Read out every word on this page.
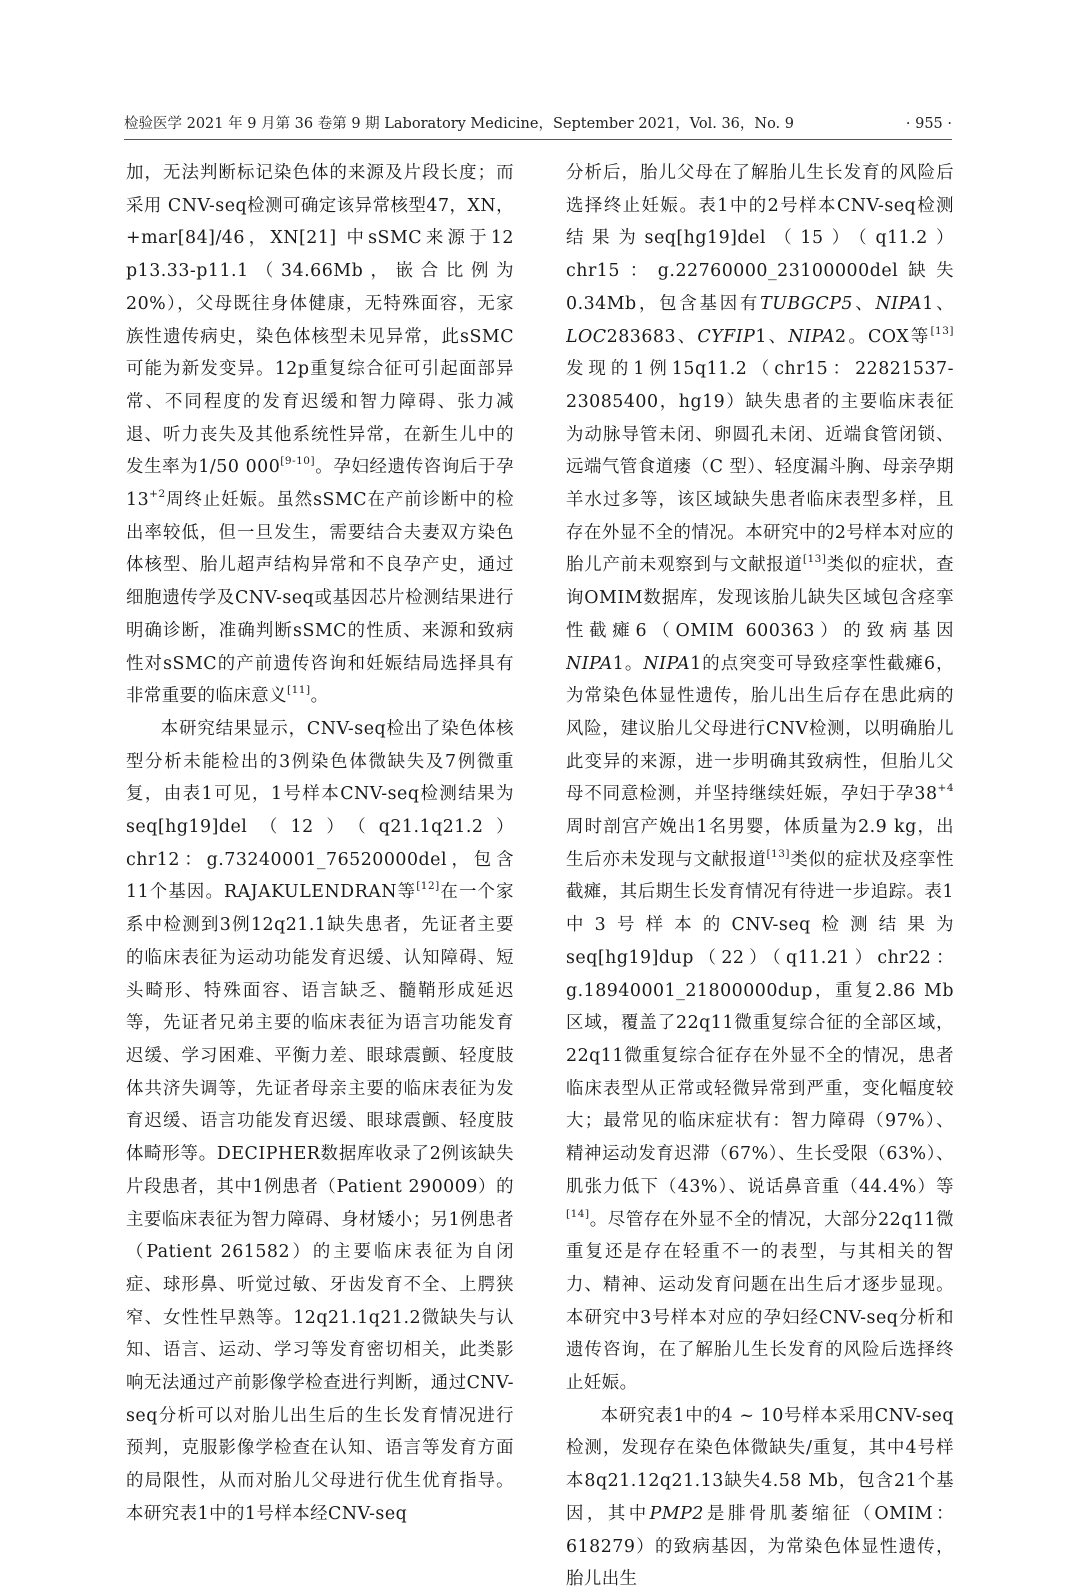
检验医学 2021 年 9 月第 36 卷第 9 期 Laboratory Medicine，September 2021，Vol. 36，No. 9	· 955 ·

加，无法判断标记染色体的来源及片段长度；而采用 CNV-seq检测可确定该异常核型47，XN，+mar[84]/46，XN[21] 中sSMC来源于12 p13.33-p11.1（34.66Mb，嵌合比例为20%），父母既往身体健康，无特殊面容，无家族性遗传病史，染色体核型未见异常，此sSMC可能为新发变异。12p重复综合征可引起面部异常、不同程度的发育迟缓和智力障碍、张力减退、听力丧失及其他系统性异常，在新生儿中的发生率为1/50 000[9-10]。孕妇经遗传咨询后于孕$13^{+2}$周终止妊娠。虽然sSMC在产前诊断中的检出率较低，但一旦发生，需要结合夫妻双方染色体核型、胎儿超声结构异常和不良孕产史，通过细胞遗传学及CNV-seq或基因芯片检测结果进行明确诊断，准确判断sSMC的性质、来源和致病性对sSMC的产前遗传咨询和妊娠结局选择具有非常重要的临床意义[11]。

本研究结果显示，CNV-seq检出了染色体核型分析未能检出的3例染色体微缺失及7例微重复，由表1可见，1号样本CNV-seq检测结果为seq[hg19]del（12）（q21.1q21.2） chr12：g.73240001_76520000del，包含11个基因。RAJAKULENDRAN等[12]在一个家系中检测到3例12q21.1缺失患者，先证者主要的临床表征为运动功能发育迟缓、认知障碍、短头畸形、特殊面容、语言缺乏、髓鞘形成延迟等，先证者兄弟主要的临床表征为语言功能发育迟缓、学习困难、平衡力差、眼球震颤、轻度肢体共济失调等，先证者母亲主要的临床表征为发育迟缓、语言功能发育迟缓、眼球震颤、轻度肢体畸形等。DECIPHER数据库收录了2例该缺失片段患者，其中1例患者（Patient 290009）的主要临床表征为智力障碍、身材矮小；另1例患者（Patient 261582）的主要临床表征为自闭症、球形鼻、听觉过敏、牙齿发育不全、上腭狭窄、女性性早熟等。12q21.1q21.2微缺失与认知、语言、运动、学习等发育密切相关，此类影响无法通过产前影像学检查进行判断，通过CNV-seq分析可以对胎儿出生后的生长发育情况进行预判，克服影像学检查在认知、语言等发育方面的局限性，从而对胎儿父母进行优生优育指导。本研究表1中的1号样本经CNV-seq

分析后，胎儿父母在了解胎儿生长发育的风险后选择终止妊娠。表1中的2号样本CNV-seq检测结果为seq[hg19]del（15）（q11.2） chr15：g.22760000_23100000del缺失0.34Mb，包含基因有TUBGCP5、NIPA1、LOC283683、CYFIP1、NIPA2。COX等[13]发现的1例15q11.2（chr15：22821537-23085400，hg19）缺失患者的主要临床表征为动脉导管未闭、卵圆孔未闭、近端食管闭锁、远端气管食道瘘（C 型）、轻度漏斗胸、母亲孕期羊水过多等，该区域缺失患者临床表型多样，且存在外显不全的情况。本研究中的2号样本对应的胎儿产前未观察到与文献报道[13]类似的症状，查询OMIM数据库，发现该胎儿缺失区域包含痉挛性截瘫6（OMIM 600363）的致病基因NIPA1。NIPA1的点突变可导致痉挛性截瘫6，为常染色体显性遗传，胎儿出生后存在患此病的风险，建议胎儿父母进行CNV检测，以明确胎儿此变异的来源，进一步明确其致病性，但胎儿父母不同意检测，并坚持继续妊娠，孕妇于孕$38^{+4}$周时剖宫产娩出1名男婴，体质量为2.9 kg，出生后亦未发现与文献报道[13]类似的症状及痉挛性截瘫，其后期生长发育情况有待进一步追踪。表1中3号样本的CNV-seq检测结果为seq[hg19]dup（22）（q11.21）chr22：g.18940001_21800000dup，重复2.86 Mb区域，覆盖了22q11微重复综合征的全部区域，22q11微重复综合征存在外显不全的情况，患者临床表型从正常或轻微异常到严重，变化幅度较大；最常见的临床症状有：智力障碍（97%）、精神运动发育迟滞（67%）、生长受限（63%）、肌张力低下（43%）、说话鼻音重（44.4%）等[14]。尽管存在外显不全的情况，大部分22q11微重复还是存在轻重不一的表型，与其相关的智力、精神、运动发育问题在出生后才逐步显现。本研究中3号样本对应的孕妇经CNV-seq分析和遗传咨询，在了解胎儿生长发育的风险后选择终止妊娠。

本研究表1中的4 ~ 10号样本采用CNV-seq检测，发现存在染色体微缺失/重复，其中4号样本8q21.12q21.13缺失4.58 Mb，包含21个基因，其中PMP2是腓骨肌萎缩征（OMIM：618279）的致病基因，为常染色体显性遗传，胎儿出生
